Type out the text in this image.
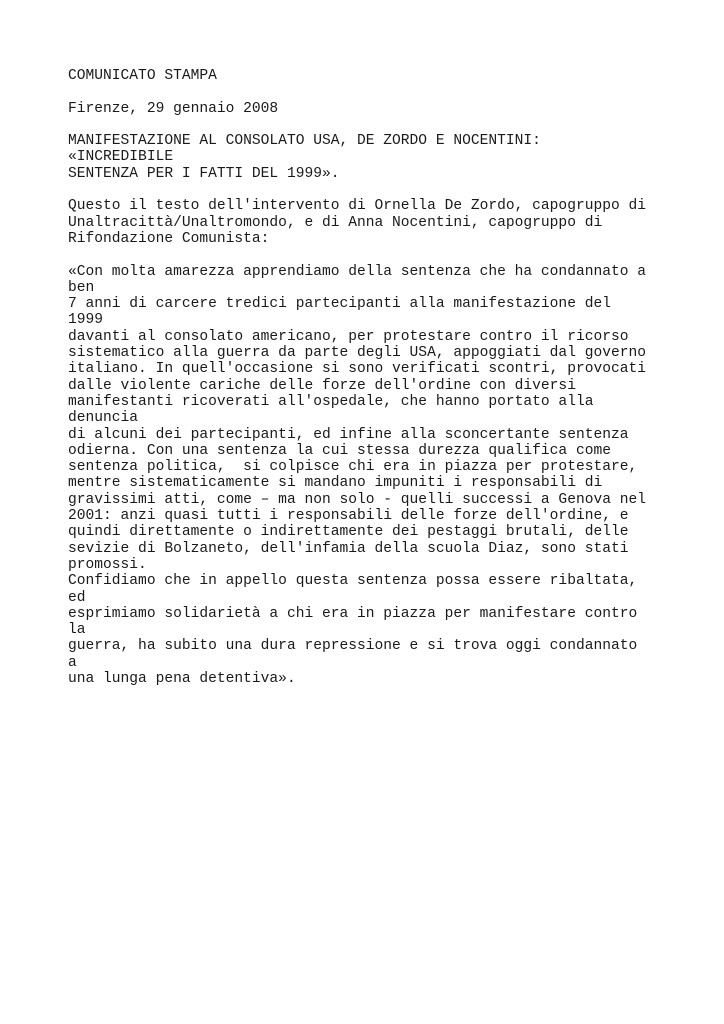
COMUNICATO STAMPA
Firenze, 29 gennaio 2008
MANIFESTAZIONE AL CONSOLATO USA, DE ZORDO E NOCENTINI:
«INCREDIBILE
SENTENZA PER I FATTI DEL 1999».
Questo il testo dell'intervento di Ornella De Zordo, capogruppo di
Unaltracittà/Unaltromondo, e di Anna Nocentini, capogruppo di
Rifondazione Comunista:
«Con molta amarezza apprendiamo della sentenza che ha condannato a
ben
7 anni di carcere tredici partecipanti alla manifestazione del
1999
davanti al consolato americano, per protestare contro il ricorso
sistematico alla guerra da parte degli USA, appoggiati dal governo
italiano. In quell'occasione si sono verificati scontri, provocati
dalle violente cariche delle forze dell'ordine con diversi
manifestanti ricoverati all'ospedale, che hanno portato alla
denuncia
di alcuni dei partecipanti, ed infine alla sconcertante sentenza
odierna. Con una sentenza la cui stessa durezza qualifica come
sentenza politica,  si colpisce chi era in piazza per protestare,
mentre sistematicamente si mandano impuniti i responsabili di
gravissimi atti, come – ma non solo - quelli successi a Genova nel
2001: anzi quasi tutti i responsabili delle forze dell'ordine, e
quindi direttamente o indirettamente dei pestaggi brutali, delle
sevizie di Bolzaneto, dell'infamia della scuola Diaz, sono stati
promossi.
Confidiamo che in appello questa sentenza possa essere ribaltata,
ed
esprimiamo solidarietà a chi era in piazza per manifestare contro
la
guerra, ha subito una dura repressione e si trova oggi condannato
a
una lunga pena detentiva».
